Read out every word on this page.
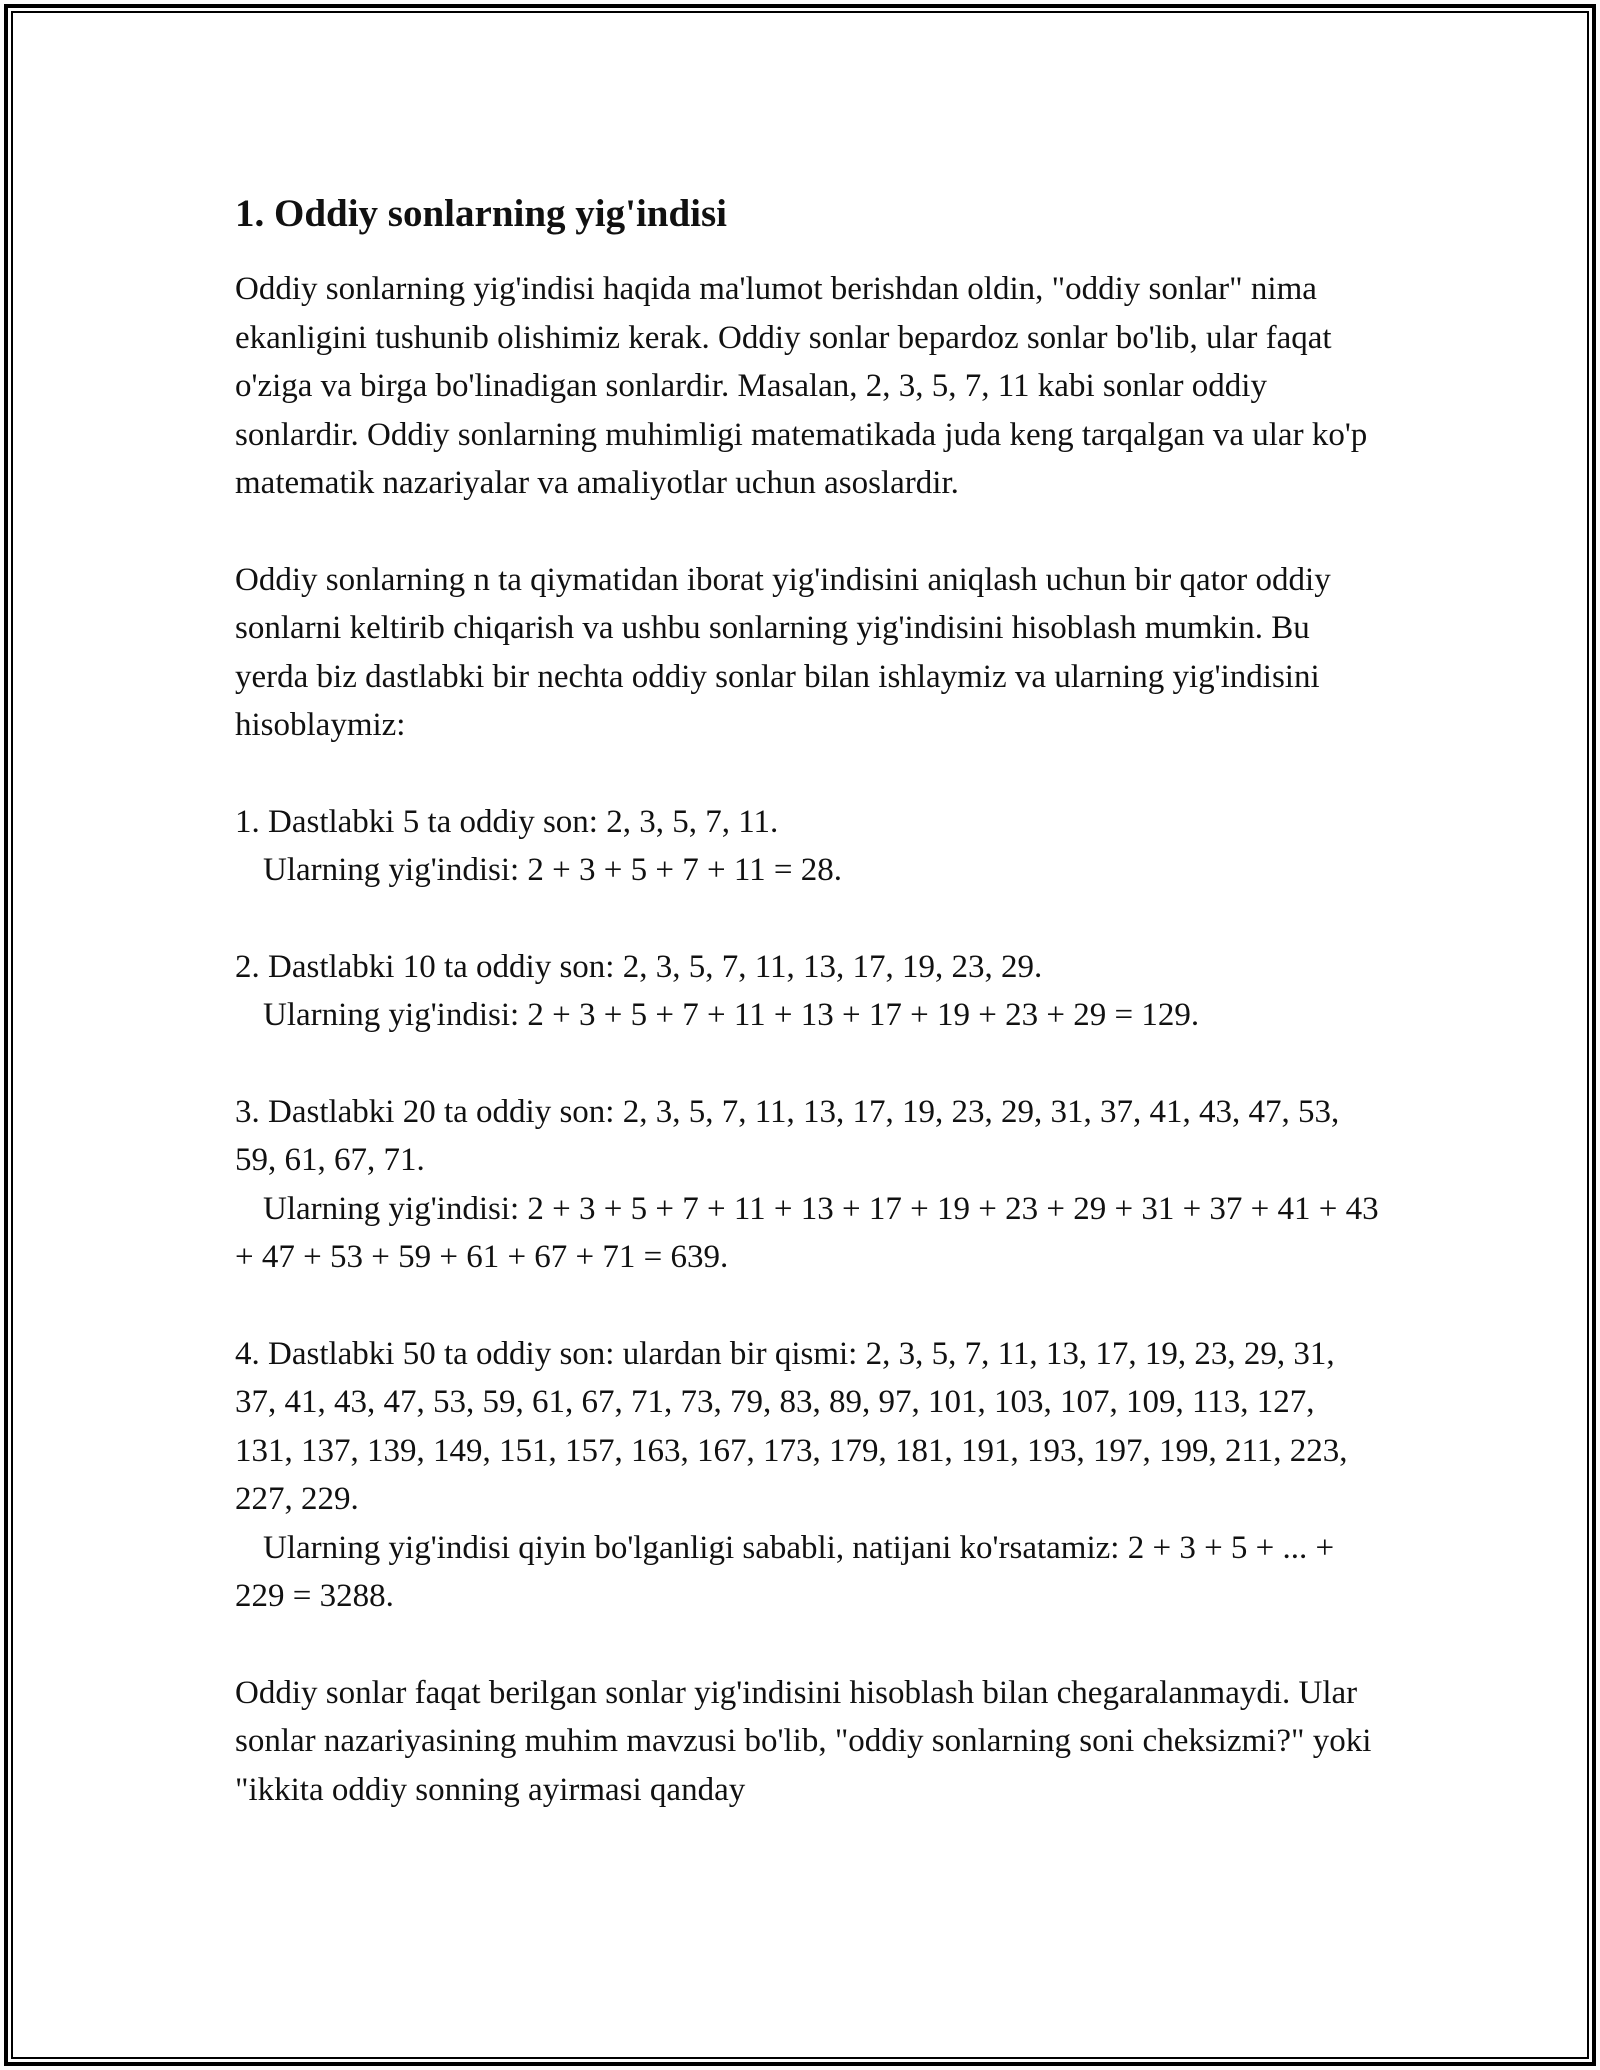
1. Oddiy sonlarning yig'indisi

Oddiy sonlarning yig'indisi haqida ma'lumot berishdan oldin, "oddiy sonlar" nima ekanligini tushunib olishimiz kerak. Oddiy sonlar bepardoz sonlar bo'lib, ular faqat o'ziga va birga bo'linadigan sonlardir. Masalan, 2, 3, 5, 7, 11 kabi sonlar oddiy sonlardir. Oddiy sonlarning muhimligi matematikada juda keng tarqalgan va ular ko'p matematik nazariyalar va amaliyotlar uchun asoslardir.

Oddiy sonlarning n ta qiymatidan iborat yig'indisini aniqlash uchun bir qator oddiy sonlarni keltirib chiqarish va ushbu sonlarning yig'indisini hisoblash mumkin. Bu yerda biz dastlabki bir nechta oddiy sonlar bilan ishlaymiz va ularning yig'indisini hisoblaymiz:

1. Dastlabki 5 ta oddiy son: 2, 3, 5, 7, 11.
Ularning yig'indisi: 2 + 3 + 5 + 7 + 11 = 28.
2. Dastlabki 10 ta oddiy son: 2, 3, 5, 7, 11, 13, 17, 19, 23, 29.
Ularning yig'indisi: 2 + 3 + 5 + 7 + 11 + 13 + 17 + 19 + 23 + 29 = 129.
3. Dastlabki 20 ta oddiy son: 2, 3, 5, 7, 11, 13, 17, 19, 23, 29, 31, 37, 41, 43, 47, 53, 59, 61, 67, 71.
Ularning yig'indisi: 2 + 3 + 5 + 7 + 11 + 13 + 17 + 19 + 23 + 29 + 31 + 37 + 41 + 43 + 47 + 53 + 59 + 61 + 67 + 71 = 639.
4. Dastlabki 50 ta oddiy son: ulardan bir qismi: 2, 3, 5, 7, 11, 13, 17, 19, 23, 29, 31, 37, 41, 43, 47, 53, 59, 61, 67, 71, 73, 79, 83, 89, 97, 101, 103, 107, 109, 113, 127, 131, 137, 139, 149, 151, 157, 163, 167, 173, 179, 181, 191, 193, 197, 199, 211, 223, 227, 229.
Ularning yig'indisi qiyin bo'lganligi sababli, natijani ko'rsatamiz: 2 + 3 + 5 + ... + 229 = 3288.

Oddiy sonlar faqat berilgan sonlar yig'indisini hisoblash bilan chegaralanmaydi. Ular sonlar nazariyasining muhim mavzusi bo'lib, "oddiy sonlarning soni cheksizmi?" yoki "ikkita oddiy sonning ayirmasi qanday
